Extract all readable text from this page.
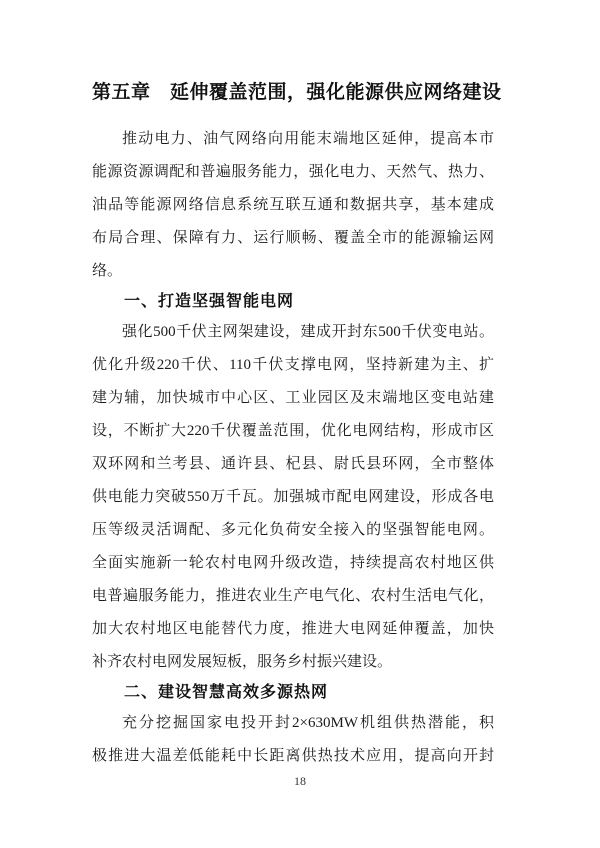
第五章　延伸覆盖范围，强化能源供应网络建设
推动电力、油气网络向用能末端地区延伸，提高本市
能源资源调配和普遍服务能力，强化电力、天然气、热力、
油品等能源网络信息系统互联互通和数据共享，基本建成
布局合理、保障有力、运行顺畅、覆盖全市的能源输运网
络。
一、打造坚强智能电网
强化500千伏主网架建设，建成开封东500千伏变电站。
优化升级220千伏、110千伏支撑电网，坚持新建为主、扩
建为辅，加快城市中心区、工业园区及末端地区变电站建
设，不断扩大220千伏覆盖范围，优化电网结构，形成市区
双环网和兰考县、通许县、杞县、尉氏县环网，全市整体
供电能力突破550万千瓦。加强城市配电网建设，形成各电
压等级灵活调配、多元化负荷安全接入的坚强智能电网。
全面实施新一轮农村电网升级改造，持续提高农村地区供
电普遍服务能力，推进农业生产电气化、农村生活电气化，
加大农村地区电能替代力度，推进大电网延伸覆盖，加快
补齐农村电网发展短板，服务乡村振兴建设。
二、建设智慧高效多源热网
充分挖掘国家电投开封2×630MW机组供热潜能，积
极推进大温差低能耗中长距离供热技术应用，提高向开封
18
